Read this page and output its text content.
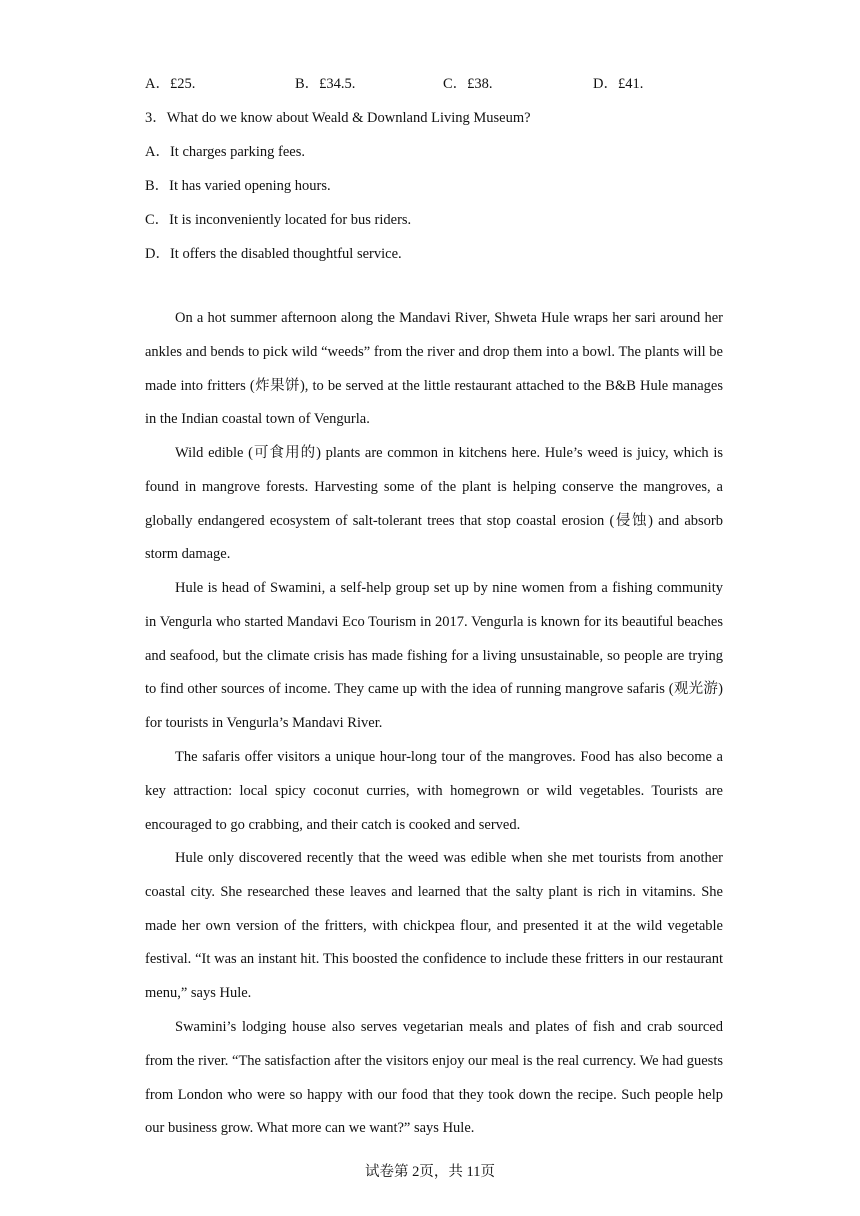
A．£25.	B．£34.5.	C．£38.	D．£41.
3．What do we know about Weald & Downland Living Museum?
A．It charges parking fees.
B．It has varied opening hours.
C．It is inconveniently located for bus riders.
D．It offers the disabled thoughtful service.

On a hot summer afternoon along the Mandavi River, Shweta Hule wraps her sari around her ankles and bends to pick wild “weeds” from the river and drop them into a bowl. The plants will be made into fritters (炸果饼), to be served at the little restaurant attached to the B&B Hule manages in the Indian coastal town of Vengurla.

Wild edible (可食用的) plants are common in kitchens here. Hule’s weed is juicy, which is found in mangrove forests. Harvesting some of the plant is helping conserve the mangroves, a globally endangered ecosystem of salt-tolerant trees that stop coastal erosion (侵蚀) and absorb storm damage.

Hule is head of Swamini, a self-help group set up by nine women from a fishing community in Vengurla who started Mandavi Eco Tourism in 2017. Vengurla is known for its beautiful beaches and seafood, but the climate crisis has made fishing for a living unsustainable, so people are trying to find other sources of income. They came up with the idea of running mangrove safaris (观光游) for tourists in Vengurla’s Mandavi River.

The safaris offer visitors a unique hour-long tour of the mangroves. Food has also become a key attraction: local spicy coconut curries, with homegrown or wild vegetables. Tourists are encouraged to go crabbing, and their catch is cooked and served.

Hule only discovered recently that the weed was edible when she met tourists from another coastal city. She researched these leaves and learned that the salty plant is rich in vitamins. She made her own version of the fritters, with chickpea flour, and presented it at the wild vegetable festival. “It was an instant hit. This boosted the confidence to include these fritters in our restaurant menu,” says Hule.

Swamini’s lodging house also serves vegetarian meals and plates of fish and crab sourced from the river. “The satisfaction after the visitors enjoy our meal is the real currency. We had guests from London who were so happy with our food that they took down the recipe. Such people help our business grow. What more can we want?” says Hule.

试卷第 2页，共 11页
